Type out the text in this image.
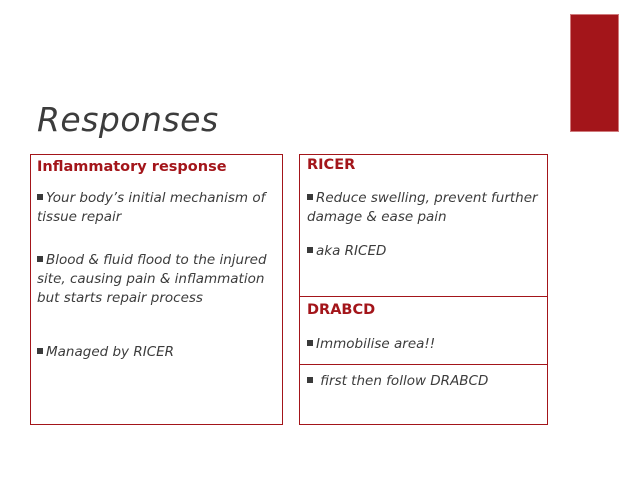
Responses

Inflammatory response

Your body’s initial mechanism of tissue repair

Blood & fluid flood to the injured site, causing pain & inflammation but starts repair process

Managed by RICER

RICER

Reduce swelling, prevent further damage & ease pain

aka RICED

DRABCD

Immobilise area!!

first then follow DRABCD
